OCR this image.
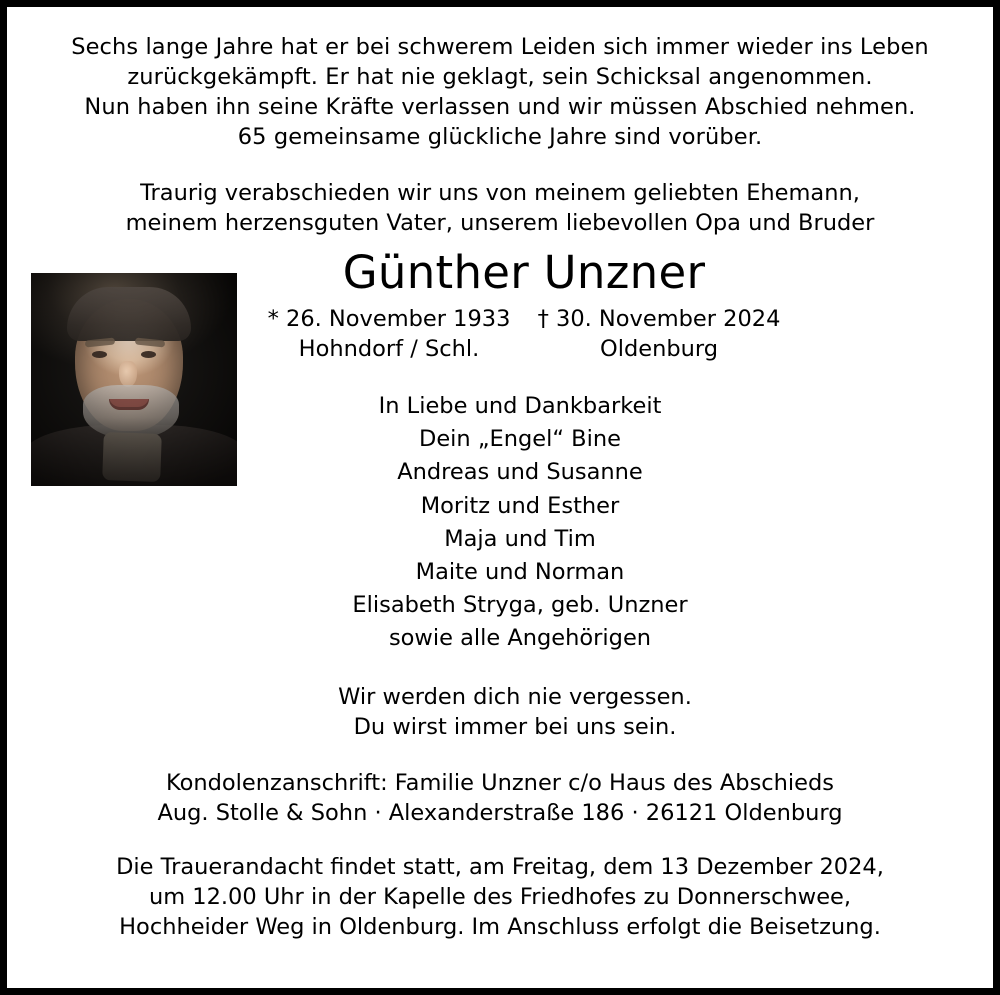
Sechs lange Jahre hat er bei schwerem Leiden sich immer wieder ins Leben
zurückgekämpft. Er hat nie geklagt, sein Schicksal angenommen.
Nun haben ihn seine Kräfte verlassen und wir müssen Abschied nehmen.
65 gemeinsame glückliche Jahre sind vorüber.
Traurig verabschieden wir uns von meinem geliebten Ehemann,
meinem herzensguten Vater, unserem liebevollen Opa und Bruder
Günther Unzner
* 26. November 1933
Hohndorf / Schl.
† 30. November 2024
Oldenburg
In Liebe und Dankbarkeit
Dein „Engel“ Bine
Andreas und Susanne
Moritz und Esther
Maja und Tim
Maite und Norman
Elisabeth Stryga, geb. Unzner
sowie alle Angehörigen
Wir werden dich nie vergessen.
Du wirst immer bei uns sein.
Kondolenzanschrift: Familie Unzner c/o Haus des Abschieds
Aug. Stolle & Sohn · Alexanderstraße 186 · 26121 Oldenburg
Die Trauerandacht findet statt, am Freitag, dem 13 Dezember 2024,
um 12.00 Uhr in der Kapelle des Friedhofes zu Donnerschwee,
Hochheider Weg in Oldenburg. Im Anschluss erfolgt die Beisetzung.
